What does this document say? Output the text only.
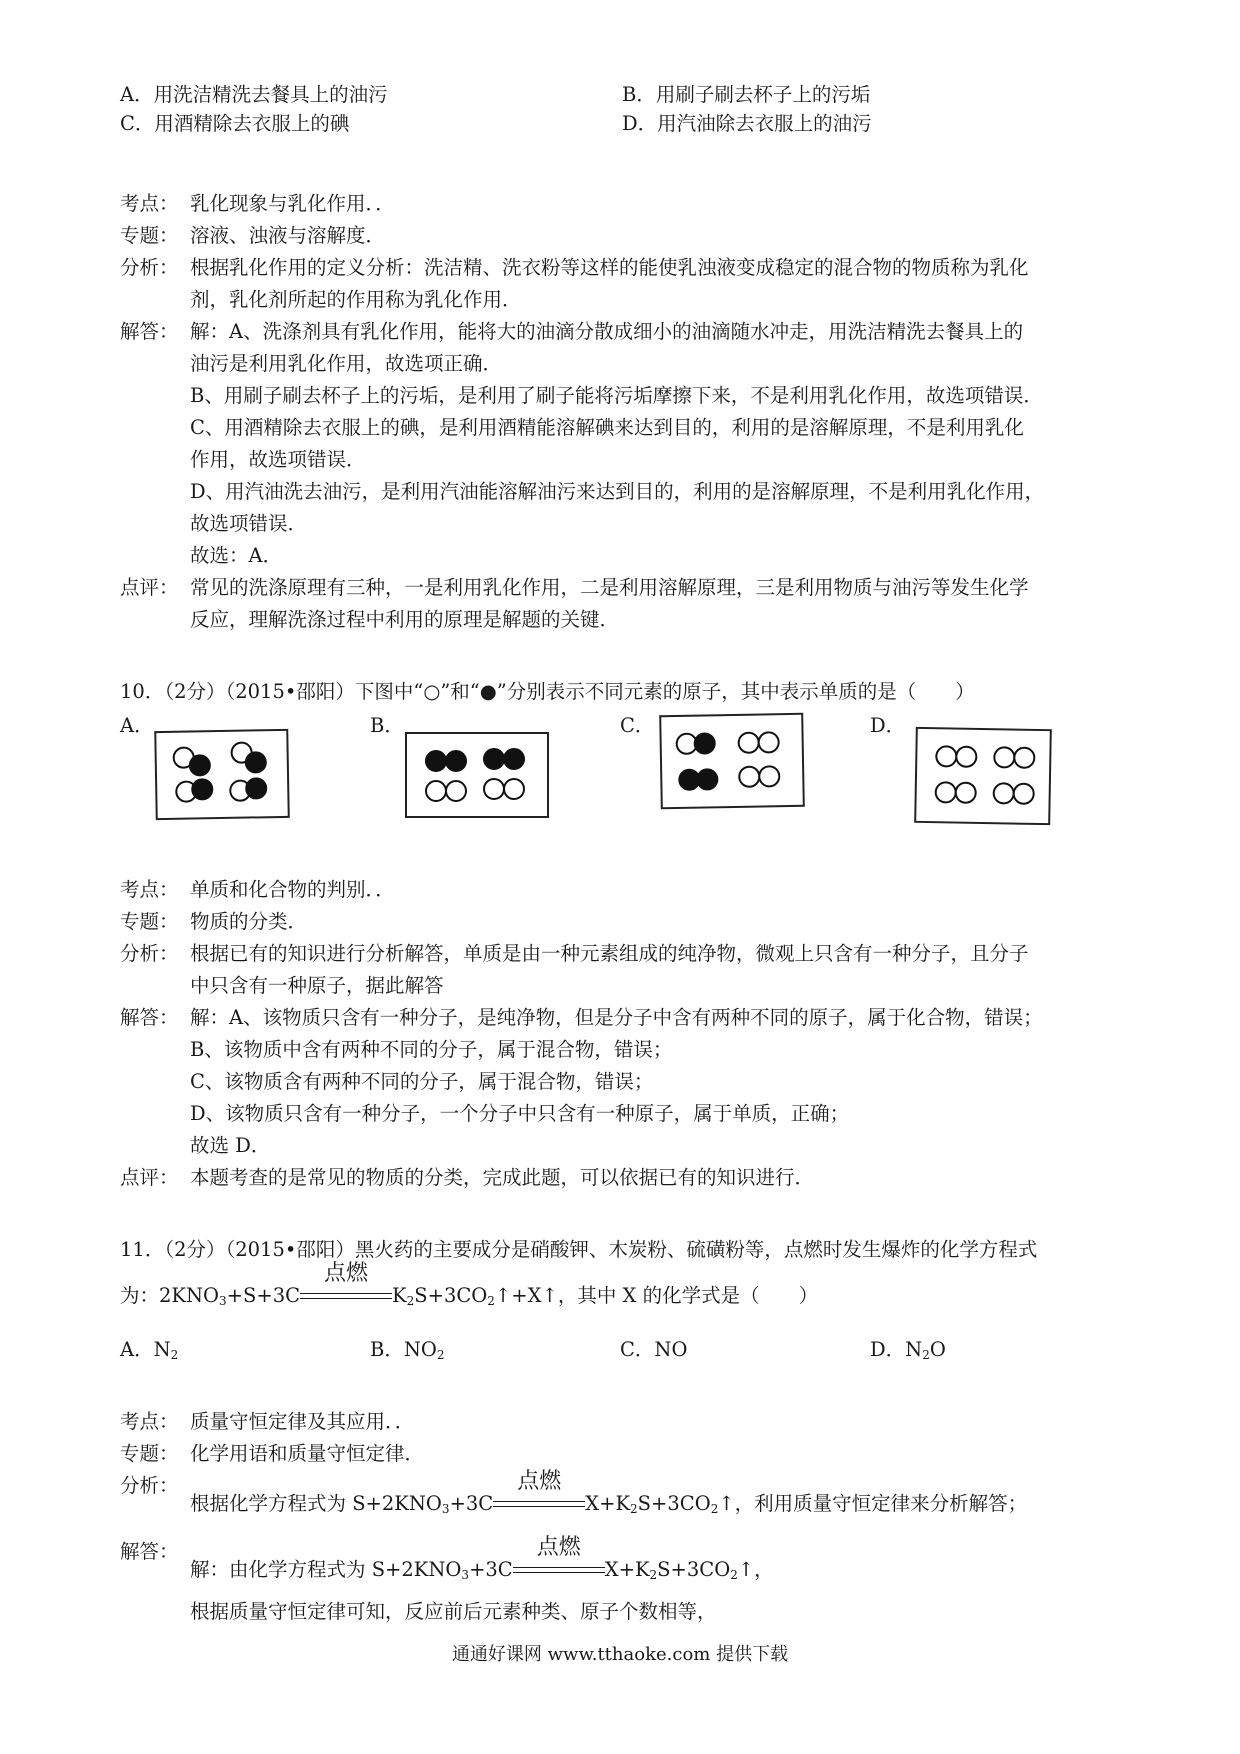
A．用洗洁精洗去餐具上的油污	B．用刷子刷去杯子上的污垢
C．用酒精除去衣服上的碘	D．用汽油除去衣服上的油污
考点： 乳化现象与乳化作用．．
专题： 溶液、浊液与溶解度．
分析： 根据乳化作用的定义分析：洗洁精、洗衣粉等这样的能使乳浊液变成稳定的混合物的物质称为乳化
剂，乳化剂所起的作用称为乳化作用．
解答： 解：A、洗涤剂具有乳化作用，能将大的油滴分散成细小的油滴随水冲走，用洗洁精洗去餐具上的
油污是利用乳化作用，故选项正确．
B、用刷子刷去杯子上的污垢，是利用了刷子能将污垢摩擦下来，不是利用乳化作用，故选项错误．
C、用酒精除去衣服上的碘，是利用酒精能溶解碘来达到目的，利用的是溶解原理，不是利用乳化
作用，故选项错误．
D、用汽油洗去油污，是利用汽油能溶解油污来达到目的，利用的是溶解原理，不是利用乳化作用，
故选项错误．
故选：A．
点评： 常见的洗涤原理有三种，一是利用乳化作用，二是利用溶解原理，三是利用物质与油污等发生化学
反应，理解洗涤过程中利用的原理是解题的关键．
10．（2分）（2015•邵阳）下图中“○”和“●”分别表示不同元素的原子，其中表示单质的是（　　）
A．	B．	C．	D．
考点： 单质和化合物的判别．．
专题： 物质的分类．
分析： 根据已有的知识进行分析解答，单质是由一种元素组成的纯净物，微观上只含有一种分子，且分子
中只含有一种原子，据此解答
解答： 解：A、该物质只含有一种分子，是纯净物，但是分子中含有两种不同的原子，属于化合物，错误；
B、该物质中含有两种不同的分子，属于混合物，错误；
C、该物质含有两种不同的分子，属于混合物，错误；
D、该物质只含有一种分子，一个分子中只含有一种原子，属于单质，正确；
故选 D．
点评： 本题考查的是常见的物质的分类，完成此题，可以依据已有的知识进行．
11．（2分）（2015•邵阳）黑火药的主要成分是硝酸钾、木炭粉、硫磺粉等，点燃时发生爆炸的化学方程式
为：$2KNO_3+S+3C$
点燃
$K_2S+3CO_2↑+X↑$，其中 X 的化学式是（　　）
A．$N_2$	B．$NO_2$	C．NO	D．$N_2O$
考点： 质量守恒定律及其应用．．
专题： 化学用语和质量守恒定律．
分析：
根据化学方程式为 $S+2KNO_3+3C$
点燃
$X+K_2S+3CO_2↑$，利用质量守恒定律来分析解答；
解答：
解：由化学方程式为 $S+2KNO_3+3C$
点燃
$X+K_2S+3CO_2↑$，
根据质量守恒定律可知，反应前后元素种类、原子个数相等，
通通好课网 www.tthaoke.com 提供下载
